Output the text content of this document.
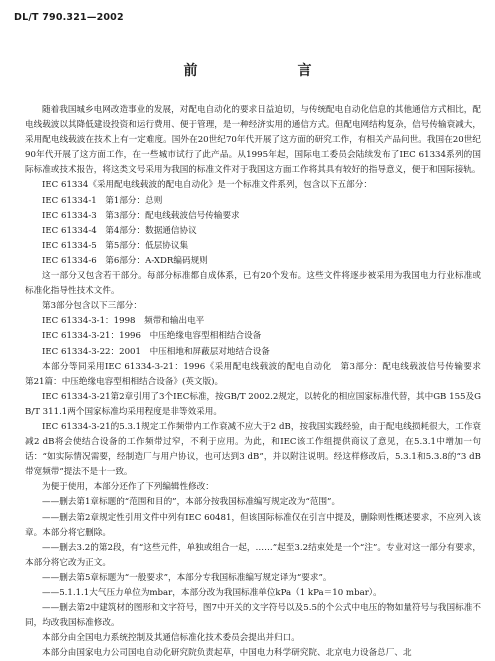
DL/T 790.321—2002
前　　言

随着我国城乡电网改造事业的发展，对配电自动化的要求日益迫切，与传统配电自动化信息的其他通信方式相比，配电线载波以其降低建设投资和运行费用、便于管理，是一种经济实用的通信方式。但配电网结构复杂，信号传输衰减大，采用配电线载波在技术上有一定难度。国外在20世纪70年代开展了这方面的研究工作，有相关产品问世。我国在20世纪90年代开展了这方面工作，在一些城市试行了此产品。从1995年起，国际电工委员会陆续发布了IEC 61334系列的国际标准或技术报告，将这类文号采用为我国的标准文件对于我国这方面工作将其具有较好的指导意义，便于和国际接轨。

IEC 61334《采用配电线载波的配电自动化》是一个标准文件系列，包含以下五部分：

IEC 61334-1　第1部分：总则

IEC 61334-3　第3部分：配电线载波信号传输要求

IEC 61334-4　第4部分：数据通信协议

IEC 61334-5　第5部分：低层协议集

IEC 61334-6　第6部分：A-XDR编码规则

这一部分又包含若干部分。每部分标准都自成体系，已有20个发布。这些文件将逐步被采用为我国电力行业标准或标准化指导性技术文件。

第3部分包含以下三部分：

IEC 61334-3-1：1998　频带和输出电平

IEC 61334-3-21：1996　中压绝缘电容型相相结合设备

IEC 61334-3-22：2001　中压相地和屏蔽层对地结合设备

本部分等同采用IEC 61334-3-21：1996《采用配电线载波的配电自动化　第3部分：配电线载波信号传输要求　第21篇：中压绝缘电容型相相结合设备》(英文版)。

IEC 61334-3-21第2章引用了3个IEC标准，按GB/T 2002.2规定，以转化的相应国家标准代替，其中GB 155及GB/T 311.1两个国家标准均采用程度是非等效采用。

IEC 61334-3-21的5.3.1规定工作频带内工作衰减不应大于2 dB，按我国实践经验，由于配电线损耗很大，工作衰减2 dB将会使结合设备的工作频带过窄，不利于应用。为此，和IEC该工作组提供商议了意见，在5.3.1中增加一句话：“如实际情况需要，经制造厂与用户协议，也可达到3 dB”，并以附注说明。经这样修改后，5.3.1和5.3.8的“3 dB带宽频带”提法不是十一致。

为便于使用，本部分还作了下列编辑性修改：

——删去第1章标题的“范围和目的”，本部分按我国标准编写规定改为“范围”。

——删去第2章规定性引用文件中列有IEC 60481，但该国际标准仅在引言中提及，删除则性概述要求，不应列入该章。本部分将它删除。

——删去3.2的第2段，有“这些元件，单独或组合一起，……”起至3.2结束处是一个“注”。专业对这一部分有要求，本部分将它改为正文。

——删去第5章标题为“一般要求”，本部分专我国标准编写规定译为“要求”。

——5.1.1.1大气压力单位为mbar，本部分改为我国标准单位kPa（1 kPa＝10 mbar）。

——删去第2中建筑材的图形和文字符号，图7中开关的文字符号以及5.5的个公式中电压的物如量符号与我国标准不同，均改我国标准修改。

本部分由全国电力系统控制及其通信标准化技术委员会提出并归口。

本部分由国家电力公司国电自动化研究院负责起草，中国电力科学研究院、北京电力设备总厂、北
